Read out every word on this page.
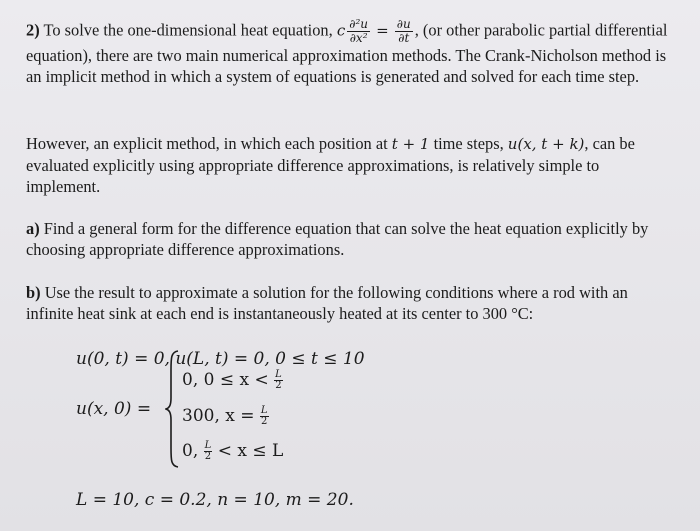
2) To solve the one-dimensional heat equation, c $\frac{\text{∂²u}}{\text{∂x²}} = \frac{\partial u}{\partial t}$ , (or other parabolic partial differential equation), there are two main numerical approximation methods. The Crank-Nicholson method is an implicit method in which a system of equations is generated and solved for each time step.
However, an explicit method, in which each position at t + 1 time steps, u(x, t + k), can be evaluated explicitly using appropriate difference approximations, is relatively simple to implement.
a) Find a general form for the difference equation that can solve the heat equation explicitly by choosing appropriate difference approximations.
b) Use the result to approximate a solution for the following conditions where a rod with an infinite heat sink at each end is instantaneously heated at its center to 300 °C:
u(0, t) = 0, u(L, t) = 0, 0 ≤ t ≤ 10
u(x, 0) =
0, $0 \le x < \frac{L}{2}$
300, $x = \frac{L}{2}$
0, $\frac{L}{2} < x \le L$
L = 10, c = 0.2, n = 10, m = 20.
